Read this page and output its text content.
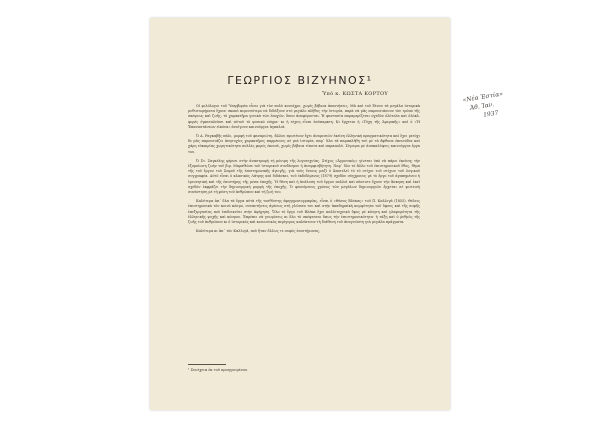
ΓΕΩΡΓΙΟΣ ΒΙΖΥΗΝΟΣ¹
Ὑπὸ κ. ΚΩΣΤΑ ΚΟΡΤΟΥ

Οἱ φιλόλογοι τοῦ Ὑπερβορέα εἶναι γιὰ τὸν πολὺ κοινόχρο, χωρὶς βέβαια ἀπαιτήσεις. Μὰ καὶ τοῦ Ξένου τὰ μεγάλα ἱστορικὰ μυθιστορήματα ἔχουν σκοπὸ περισσότερο νὰ διδάξουν στὸ μεγάλο πλῆθος τὴν ἱστορία, παρὰ νὰ μᾶς παρουσιάσουν τὸν τρόπο τῆς σκέψεως καὶ ζωῆς, τὸ χαρακτῆρα γενικὰ τῶν ἐποχῶν, ὅπου ἀναφέρονται. Ἡ φαντασία παραμερίζεται σχεδὸν ὁλότελα καὶ ὁλόκλ. φορὲς ἐγκαταλείπει καὶ αὐτοῦ τὸ φυσικό νόημα· κι ἡ τέχνη εἶναι ἀνύπαρκτη. Κι ἔρχεται ἡ «Τύχη τῆς Ἀμερικῆς» καὶ ὁ «Ἡ Ἐπαναστάσεων εἰκόνα» ἀνοίγουν καινούργια ἀγκαλιά.

Ὁ Α. Ραγκαβῆς πάλι, μορφὴ τοῦ φαναριώτη, ἄλλου πρωτέυον ἔχει ἀναμεσιῶν ἐκεῖνη ἑλληνικὴ πραγματικότητα καὶ ἔχει μετόχι δε μᾶς παρουσιάζει ἀνησυχίες χαρακτῆρες παρμένους σὲ μιὰ ἱστορία, παρ᾽ ὅλα τὰ παραπλήθη τοῦ μὲ τὰ ἄφθονα ἐπεισόδια καὶ χάρη εὐκαιρίας χωρητικότητα πολλές φορὲς ἐκεινά, χωρὶς βέβαια τίποτα καὶ παραπολὺ. Σίγουρα μὲ ἀνακαλύψεις καινούργια ἔργα του.

Ὁ Στ. Ζαγκέλης φέρνει στὴν ἀναστροφὴ τὴ μόνιμη τῆς λογοτεχνίας. Στίχος «Ἀγροτικός» γίνεται ὑπὸ νὰ πάρει ἐκείνης τὴν ἐξομοίωση ζωὴν τοῦ βιρ. Μαραθώνα τοῦ ἱστορικοῦ συνδέσμου ἡ ἀναμφισβήτητη. Παρ᾽ ὅλο τὸ ἄλλο τοῦ ἐπιστημονικοῦ ἔθος, θέμα τῆς τοῦ ἔργου τοῦ Σοφοῦ τῆς ἐπιστημονικῆς ἀγωγῆς, γιὰ τοὺς ἔνιους μαζὶ ὁ Ἀποτελεῖ τὸ τό στίχοι τοῦ στίχων τοῦ λογικοῦ συγγραφέα. Αὐτὸ εἶναι ὁ κλασικὸς Λάτρης καὶ διδάσκει, τοῦ ἐκδιδόμενος (1879) σχεδὸν σύγχρονος μὲ τὸ ἔργο τοῦ ἀγαπημένου ἡ ἐρευνητικὴ καὶ τῆς ἐπιστήμης τῆς μέσα ἐποχῆς. Ἡ θέση καὶ ἡ ἀνάλυση τοῦ ἔργου πολλοὶ καὶ πάντοτε ἔχουν τὴν ἄσκηση καὶ ἐκεῖ σχεδὸν ἐκφράζει τὴν δημιουργικὴ μορφὴ τῆς ἐποχῆς. Ὁ φαινόμενος χρόνος τῶν μεγάλων δημιουργιῶν ἔρχεται σὲ φωτεινὴ συνάντηση μὲ τὴ φύση τοῦ ἀνθρώπου καὶ τὴ ζωὴ του.

Καλύτερα ἀπ᾽ ὅλα τὰ ἔργα αὐτὰ τῆς τοσθύστης ἀφηγηματογραφίας, εἶναι ὁ «Θάνος Βλέκας» τοῦ Π. Καλλιγᾶ (1855). Θέλεις ἐπιστημονικὰ τὸν κοινὸ κόσμο, συναντήσεις ἀμέσως στὴ γλῶσσα του καὶ στὴν ἀκαδημαϊκὴ κομψότητα τοῦ ὕφους καὶ τῆς σοφῆς ἐπεξεργασίας ποὺ ἐπιδεικνύει στὴν ἀφήγηση. Ὅλο τὸ ἔργο τοῦ Βλέκα ἔχει καλλιτεχνικὸ ὕφος μὲ κίνηση καὶ γλαφυρότητα τῆς ἑλληνικῆς ψυχῆς καὶ κόσμου. Ἐπρέπει νὰ γνωρίσεις κι ὅλο τὸ σκέφτεσαι ὅπως τὴν ἐπιστημονικότητα· ἡ τάξη καὶ ὁ ῥυθμὸς τῆς ζωῆς τοῦ ἀνθρώπου κι ὁ ἱστορικὸς καὶ κοινωνικὸς περίγυρος καλύπτουν τὴ διάθεση τοῦ ἀναγνώστη γιὰ μεγάλα πράγματα.

Καλύτερα κι ἀπ᾽ τὸν Καλλιγᾶ, ποὺ ἤταν ὅλλως τε σοφὸς ἐπιστήμονας,

¹ Συνέχεια ἐκ τοῦ προηγουμένου.
«Νέα Ἑστία»
Ἀθ. Ἰαν.
1937
